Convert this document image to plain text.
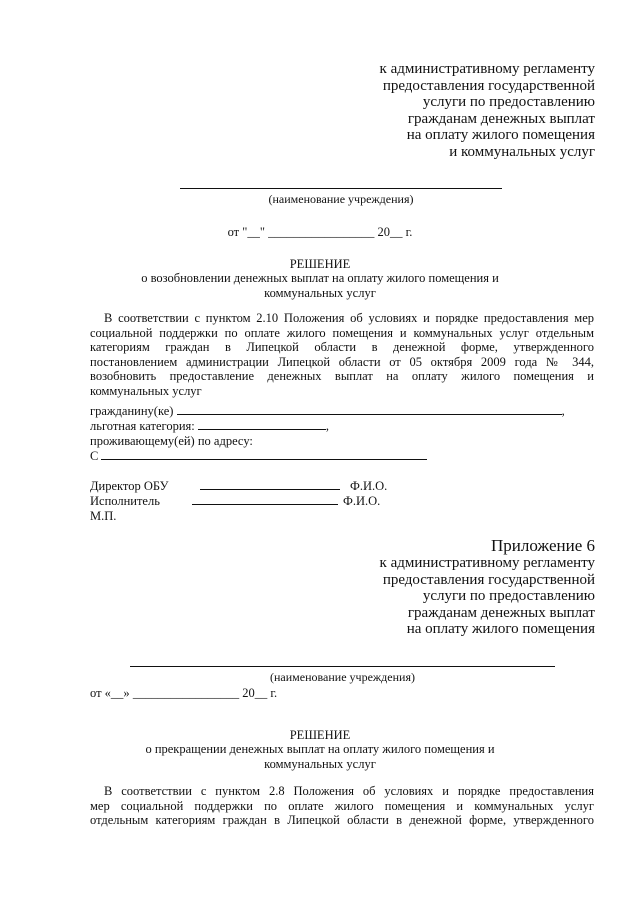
к административному регламенту
предоставления государственной
услуги по предоставлению
гражданам денежных выплат
на оплату жилого помещения
и коммунальных услуг
(наименование учреждения)
от "__" _________________ 20__ г.
РЕШЕНИЕ
о возобновлении денежных выплат на оплату жилого помещения и
коммунальных услуг
В соответствии с пунктом 2.10 Положения об условиях и порядке предоставления мер
социальной поддержки по оплате жилого помещения и коммунальных услуг отдельным
категориям граждан в Липецкой области в денежной форме, утвержденного
постановлением администрации Липецкой области от 05 октября 2009 года № 344,
возобновить предоставление денежных выплат на оплату жилого помещения и
коммунальных услуг
гражданину(ке)	,
льготная категория:	,
проживающему(ей) по адресу:
С
Директор ОБУ	Ф.И.О.
Исполнитель	Ф.И.О.
М.П.
Приложение 6
к административному регламенту
предоставления государственной
услуги по предоставлению
гражданам денежных выплат
на оплату жилого помещения
(наименование учреждения)
от «__» _________________ 20__ г.
РЕШЕНИЕ
о прекращении денежных выплат на оплату жилого помещения и
коммунальных услуг
В соответствии с пунктом 2.8 Положения об условиях и порядке предоставления
мер социальной поддержки по оплате жилого помещения и коммунальных услуг
отдельным категориям граждан в Липецкой области в денежной форме, утвержденного
